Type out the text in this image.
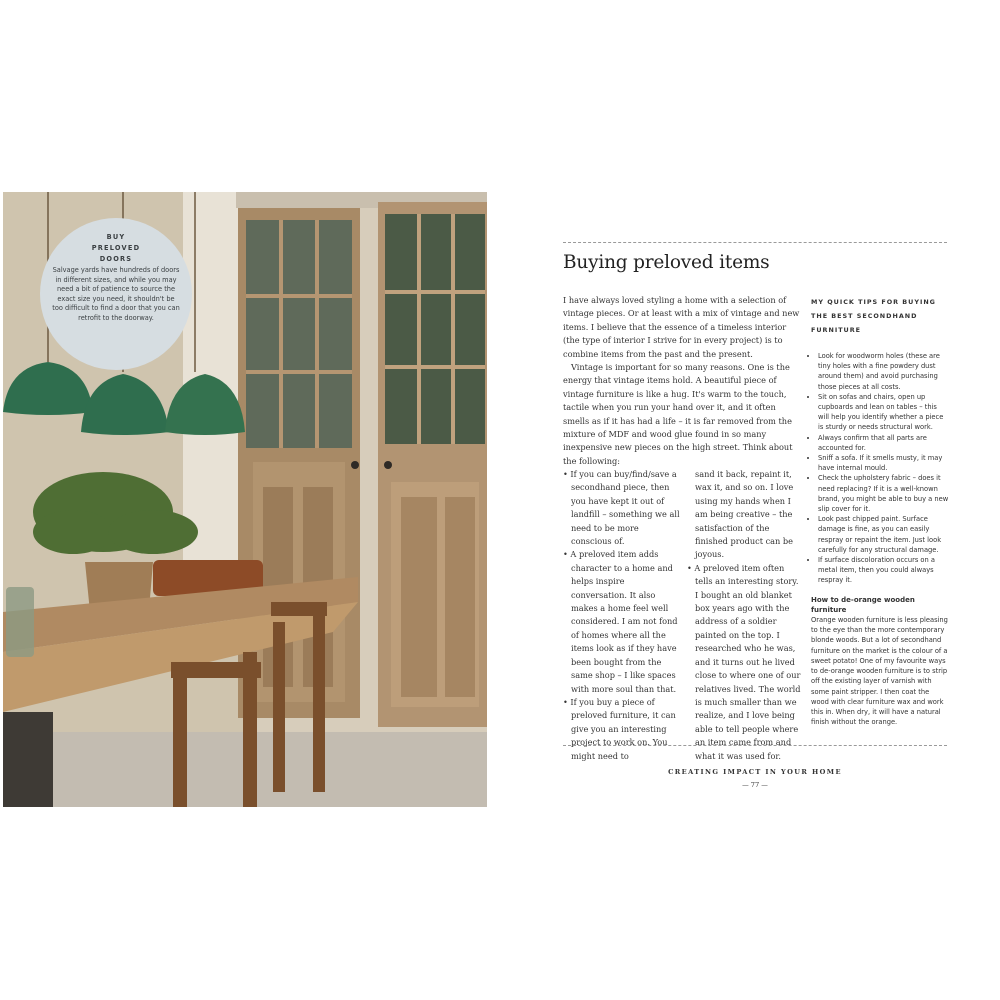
BUY
PRELOVED
DOORS
Salvage yards have hundreds of doors in different sizes, and while you may need a bit of patience to source the exact size you need, it shouldn't be too difficult to find a door that you can retrofit to the doorway.
Buying preloved items

I have always loved styling a home with a selection of vintage pieces. Or at least with a mix of vintage and new items. I believe that the essence of a timeless interior (the type of interior I strive for in every project) is to combine items from the past and the present.

Vintage is important for so many reasons. One is the energy that vintage items hold. A beautiful piece of vintage furniture is like a hug. It's warm to the touch, tactile when you run your hand over it, and it often smells as if it has had a life – it is far removed from the mixture of MDF and wood glue found in so many inexpensive new pieces on the high street. Think about the following:

• If you can buy/find/save a secondhand piece, then you have kept it out of landfill – something we all need to be more conscious of.
• A preloved item adds character to a home and helps inspire conversation. It also makes a home feel well considered. I am not fond of homes where all the items look as if they have been bought from the same shop – I like spaces with more soul than that.
• If you buy a piece of preloved furniture, it can give you an interesting project to work on. You might need to
sand it back, repaint it, wax it, and so on. I love using my hands when I am being creative – the satisfaction of the finished product can be joyous.
• A preloved item often tells an interesting story. I bought an old blanket box years ago with the address of a soldier painted on the top. I researched who he was, and it turns out he lived close to where one of our relatives lived. The world is much smaller than we realize, and I love being able to tell people where an item came from and what it was used for.
MY QUICK TIPS FOR BUYING THE BEST SECONDHAND FURNITURE
• Look for woodworm holes (these are tiny holes with a fine powdery dust around them) and avoid purchasing those pieces at all costs.
• Sit on sofas and chairs, open up cupboards and lean on tables – this will help you identify whether a piece is sturdy or needs structural work.
• Always confirm that all parts are accounted for.
• Sniff a sofa. If it smells musty, it may have internal mould.
• Check the upholstery fabric – does it need replacing? If it is a well-known brand, you might be able to buy a new slip cover for it.
• Look past chipped paint. Surface damage is fine, as you can easily respray or repaint the item. Just look carefully for any structural damage.
• If surface discoloration occurs on a metal item, then you could always respray it.
How to de-orange wooden furniture

Orange wooden furniture is less pleasing to the eye than the more contemporary blonde woods. But a lot of secondhand furniture on the market is the colour of a sweet potato! One of my favourite ways to de-orange wooden furniture is to strip off the existing layer of varnish with some paint stripper. I then coat the wood with clear furniture wax and work this in. When dry, it will have a natural finish without the orange.

CREATING IMPACT IN YOUR HOME
— 77 —
